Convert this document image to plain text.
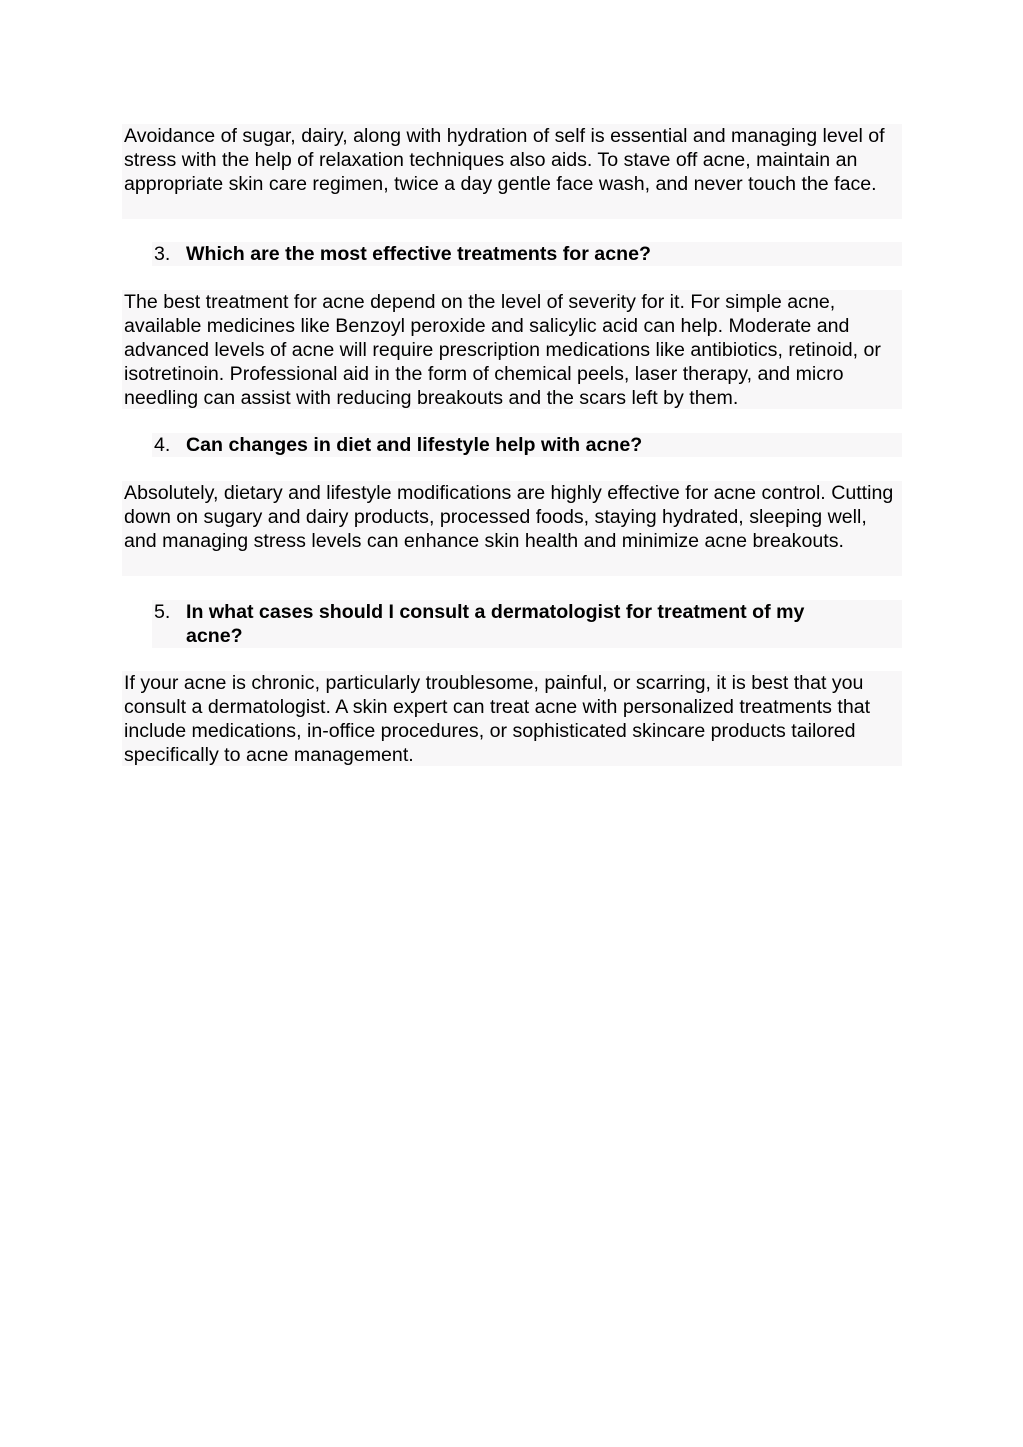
Avoidance of sugar, dairy, along with hydration of self is essential and managing level of stress with the help of relaxation techniques also aids. To stave off acne, maintain an appropriate skin care regimen, twice a day gentle face wash, and never touch the face.
3. Which are the most effective treatments for acne?
The best treatment for acne depend on the level of severity for it. For simple acne, available medicines like Benzoyl peroxide and salicylic acid can help. Moderate and advanced levels of acne will require prescription medications like antibiotics, retinoid, or isotretinoin. Professional aid in the form of chemical peels, laser therapy, and micro needling can assist with reducing breakouts and the scars left by them.
4. Can changes in diet and lifestyle help with acne?
Absolutely, dietary and lifestyle modifications are highly effective for acne control. Cutting down on sugary and dairy products, processed foods, staying hydrated, sleeping well, and managing stress levels can enhance skin health and minimize acne breakouts.
5. In what cases should I consult a dermatologist for treatment of my acne?
If your acne is chronic, particularly troublesome, painful, or scarring, it is best that you consult a dermatologist. A skin expert can treat acne with personalized treatments that include medications, in-office procedures, or sophisticated skincare products tailored specifically to acne management.
